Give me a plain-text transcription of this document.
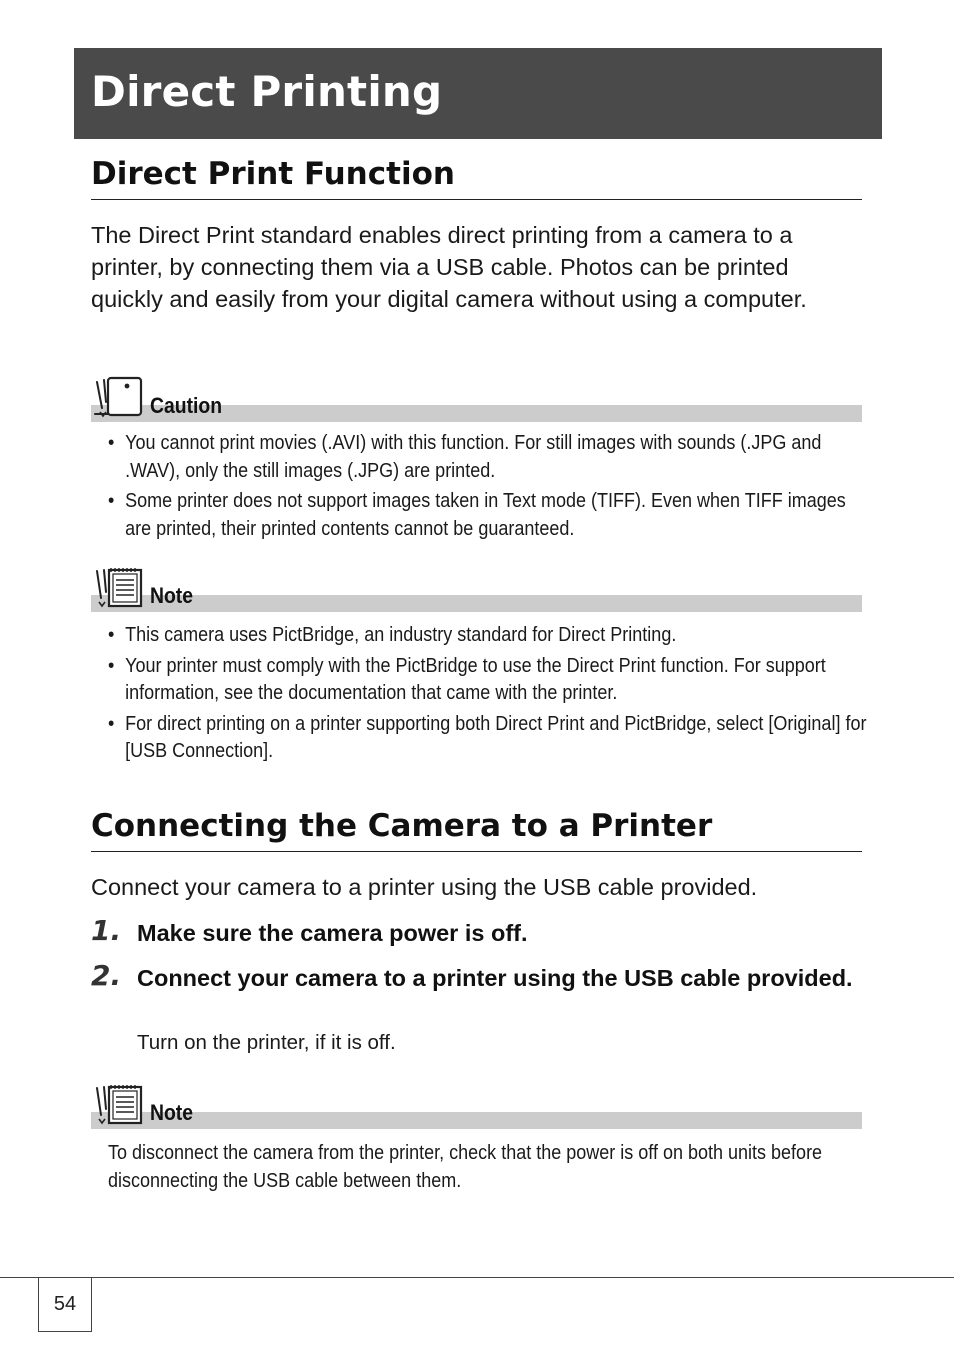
Direct Printing
Direct Print Function

The Direct Print standard enables direct printing from a camera to a printer, by connecting them via a USB cable. Photos can be printed quickly and easily from your digital camera without using a computer.

Caution
• You cannot print movies (.AVI) with this function. For still images with sounds (.JPG and .WAV), only the still images (.JPG) are printed.
• Some printer does not support images taken in Text mode (TIFF). Even when TIFF images are printed, their printed contents cannot be guaranteed.
Note
• This camera uses PictBridge, an industry standard for Direct Printing.
• Your printer must comply with the PictBridge to use the Direct Print function. For support information, see the documentation that came with the printer.
• For direct printing on a printer supporting both Direct Print and PictBridge, select [Original] for [USB Connection].
Connecting the Camera to a Printer

Connect your camera to a printer using the USB cable provided.

1. Make sure the camera power is off.

2. Connect your camera to a printer using the USB cable provided.

Turn on the printer, if it is off.

Note

To disconnect the camera from the printer, check that the power is off on both units before disconnecting the USB cable between them.

54
